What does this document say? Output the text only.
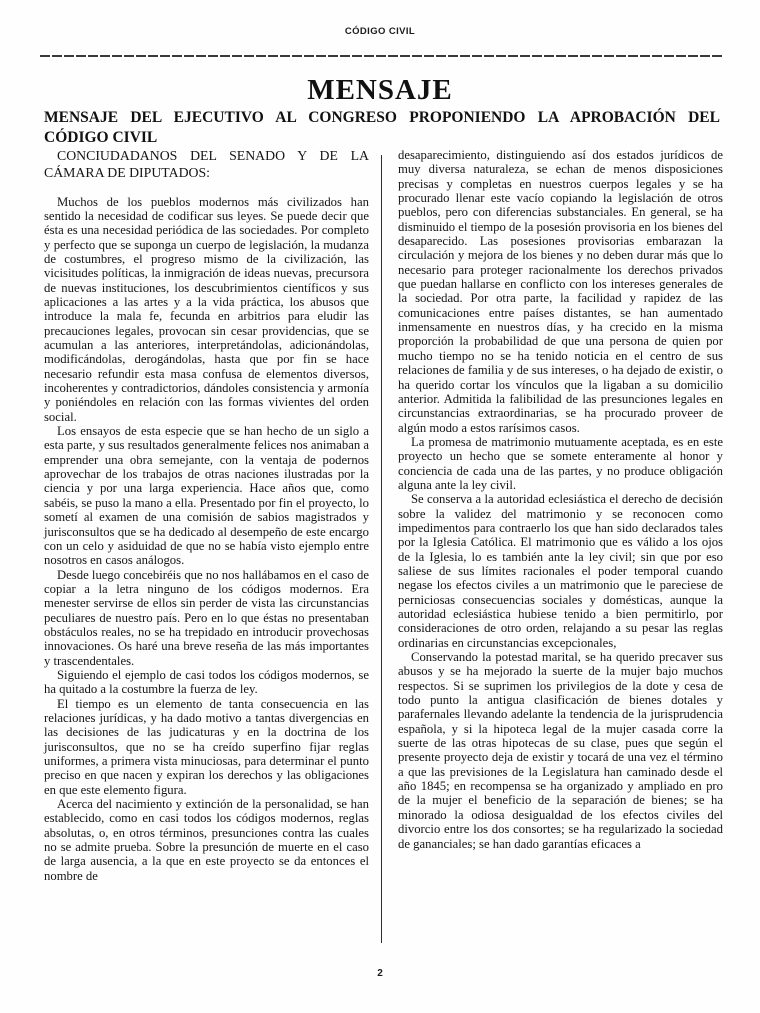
CÓDIGO CIVIL
MENSAJE
MENSAJE DEL EJECUTIVO AL CONGRESO PROPONIENDO LA APROBACIÓN DEL
CÓDIGO CIVIL

CONCIUDADANOS DEL SENADO Y DE LA
CÁMARA DE DIPUTADOS:

Muchos de los pueblos modernos más civilizados han sentido la necesidad de codificar sus leyes. Se puede decir que ésta es una necesidad periódica de las sociedades. Por completo y perfecto que se suponga un cuerpo de legislación, la mudanza de costumbres, el progreso mismo de la civilización, las vicisitudes políticas, la inmigración de ideas nuevas, precursora de nuevas instituciones, los descubrimientos científicos y sus aplicaciones a las artes y a la vida práctica, los abusos que introduce la mala fe, fecunda en arbitrios para eludir las precauciones legales, provocan sin cesar providencias, que se acumulan a las anteriores, interpretándolas, adicionándolas, modificándolas, derogándolas, hasta que por fin se hace necesario refundir esta masa confusa de elementos diversos, incoherentes y contradictorios, dándoles consistencia y armonía y poniéndoles en relación con las formas vivientes del orden social.

Los ensayos de esta especie que se han hecho de un siglo a esta parte, y sus resultados generalmente felices nos animaban a emprender una obra semejante, con la ventaja de podernos aprovechar de los trabajos de otras naciones ilustradas por la ciencia y por una larga experiencia. Hace años que, como sabéis, se puso la mano a ella. Presentado por fin el proyecto, lo sometí al examen de una comisión de sabios magistrados y jurisconsultos que se ha dedicado al desempeño de este encargo con un celo y asiduidad de que no se había visto ejemplo entre nosotros en casos análogos.

Desde luego concebiréis que no nos hallábamos en el caso de copiar a la letra ninguno de los códigos modernos. Era menester servirse de ellos sin perder de vista las circunstancias peculiares de nuestro país. Pero en lo que éstas no presentaban obstáculos reales, no se ha trepidado en introducir provechosas innovaciones. Os haré una breve reseña de las más importantes y trascendentales.

Siguiendo el ejemplo de casi todos los códigos modernos, se ha quitado a la costumbre la fuerza de ley.

El tiempo es un elemento de tanta consecuencia en las relaciones jurídicas, y ha dado motivo a tantas divergencias en las decisiones de las judicaturas y en la doctrina de los jurisconsultos, que no se ha creído superfino fijar reglas uniformes, a primera vista minuciosas, para determinar el punto preciso en que nacen y expiran los derechos y las obligaciones en que este elemento figura.

Acerca del nacimiento y extinción de la personalidad, se han establecido, como en casi todos los códigos modernos, reglas absolutas, o, en otros términos, presunciones contra las cuales no se admite prueba. Sobre la presunción de muerte en el caso de larga ausencia, a la que en este proyecto se da entonces el nombre de

desaparecimiento, distinguiendo así dos estados jurídicos de muy diversa naturaleza, se echan de menos disposiciones precisas y completas en nuestros cuerpos legales y se ha procurado llenar este vacío copiando la legislación de otros pueblos, pero con diferencias substanciales. En general, se ha disminuido el tiempo de la posesión provisoria en los bienes del desaparecido. Las posesiones provisorias embarazan la circulación y mejora de los bienes y no deben durar más que lo necesario para proteger racionalmente los derechos privados que puedan hallarse en conflicto con los intereses generales de la sociedad. Por otra parte, la facilidad y rapidez de las comunicaciones entre países distantes, se han aumentado inmensamente en nuestros días, y ha crecido en la misma proporción la probabilidad de que una persona de quien por mucho tiempo no se ha tenido noticia en el centro de sus relaciones de familia y de sus intereses, o ha dejado de existir, o ha querido cortar los vínculos que la ligaban a su domicilio anterior. Admitida la falibilidad de las presunciones legales en circunstancias extraordinarias, se ha procurado proveer de algún modo a estos rarísimos casos.

La promesa de matrimonio mutuamente aceptada, es en este proyecto un hecho que se somete enteramente al honor y conciencia de cada una de las partes, y no produce obligación alguna ante la ley civil.

Se conserva a la autoridad eclesiástica el derecho de decisión sobre la validez del matrimonio y se reconocen como impedimentos para contraerlo los que han sido declarados tales por la Iglesia Católica. El matrimonio que es válido a los ojos de la Iglesia, lo es también ante la ley civil; sin que por eso saliese de sus límites racionales el poder temporal cuando negase los efectos civiles a un matrimonio que le pareciese de perniciosas consecuencias sociales y domésticas, aunque la autoridad eclesiástica hubiese tenido a bien permitirlo, por consideraciones de otro orden, relajando a su pesar las reglas ordinarias en circunstancias excepcionales,

Conservando la potestad marital, se ha querido precaver sus abusos y se ha mejorado la suerte de la mujer bajo muchos respectos. Si se suprimen los privilegios de la dote y cesa de todo punto la antigua clasificación de bienes dotales y parafernales llevando adelante la tendencia de la jurisprudencia española, y si la hipoteca legal de la mujer casada corre la suerte de las otras hipotecas de su clase, pues que según el presente proyecto deja de existir y tocará de una vez el término a que las previsiones de la Legislatura han caminado desde el año 1845; en recompensa se ha organizado y ampliado en pro de la mujer el beneficio de la separación de bienes; se ha minorado la odiosa desigualdad de los efectos civiles del divorcio entre los dos consortes; se ha regularizado la sociedad de gananciales; se han dado garantías eficaces a

2
